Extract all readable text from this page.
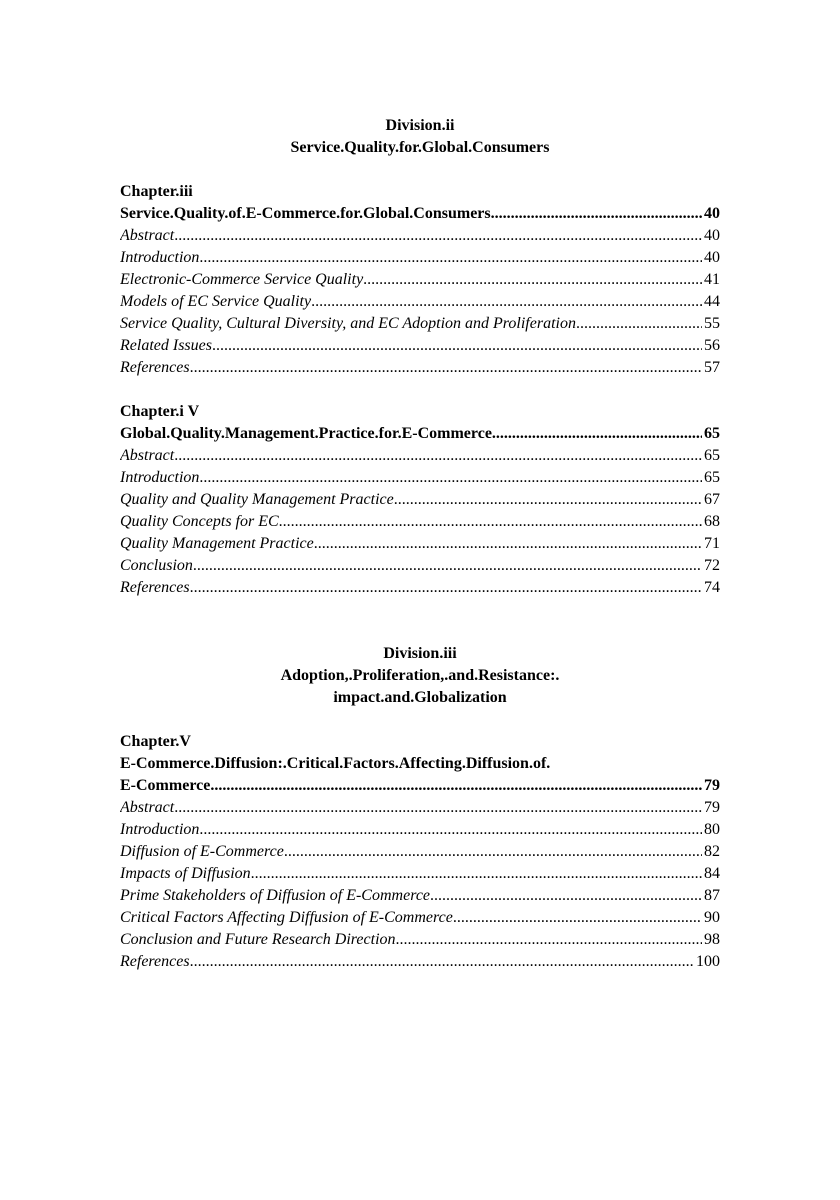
Division.ii
Service.Quality.for.Global.Consumers
Chapter.iii
Service.Quality.of.E-Commerce.for.Global.Consumers .....	40
Abstract .....	40
Introduction .....	40
Electronic-Commerce Service Quality .....	41
Models of EC Service Quality .....	44
Service Quality, Cultural Diversity, and EC Adoption and Proliferation .....	55
Related Issues .....	56
References .....	57
Chapter.i V
Global.Quality.Management.Practice.for.E-Commerce .....	65
Abstract .....	65
Introduction .....	65
Quality and Quality Management Practice .....	67
Quality Concepts for EC .....	68
Quality Management Practice .....	71
Conclusion .....	72
References .....	74
Division.iii
Adoption,.Proliferation,.and.Resistance:.
impact.and.Globalization
Chapter.V
E-Commerce.Diffusion:.Critical.Factors.Affecting.Diffusion.of.
E-Commerce. .....	79
Abstract .....	79
Introduction .....	80
Diffusion of E-Commerce .....	82
Impacts of Diffusion .....	84
Prime Stakeholders of Diffusion of E-Commerce .....	87
Critical Factors Affecting Diffusion of E-Commerce .....	90
Conclusion and Future Research Direction .....	98
References .....	100
